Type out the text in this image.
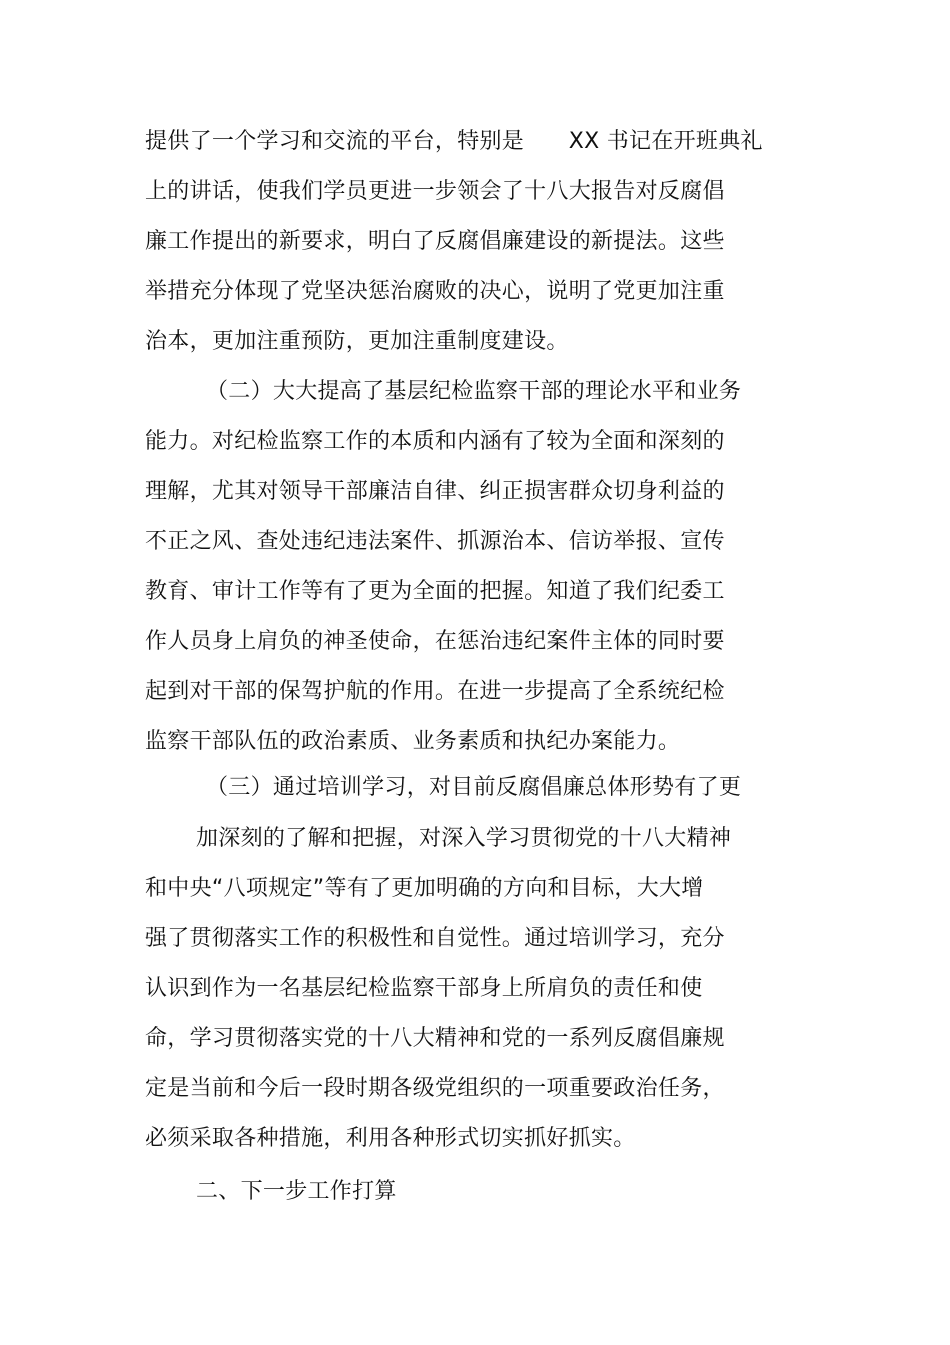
提供了一个学习和交流的平台，特别是　　XX 书记在开班典礼
上的讲话，使我们学员更进一步领会了十八大报告对反腐倡
廉工作提出的新要求，明白了反腐倡廉建设的新提法。这些
举措充分体现了党坚决惩治腐败的决心，说明了党更加注重
治本，更加注重预防，更加注重制度建设。
（二）大大提高了基层纪检监察干部的理论水平和业务
能力。对纪检监察工作的本质和内涵有了较为全面和深刻的
理解，尤其对领导干部廉洁自律、纠正损害群众切身利益的
不正之风、查处违纪违法案件、抓源治本、信访举报、宣传
教育、审计工作等有了更为全面的把握。知道了我们纪委工
作人员身上肩负的神圣使命，在惩治违纪案件主体的同时要
起到对干部的保驾护航的作用。在进一步提高了全系统纪检
监察干部队伍的政治素质、业务素质和执纪办案能力。
（三）通过培训学习，对目前反腐倡廉总体形势有了更
加深刻的了解和把握，对深入学习贯彻党的十八大精神
和中央“八项规定”等有了更加明确的方向和目标，大大增
强了贯彻落实工作的积极性和自觉性。通过培训学习，充分
认识到作为一名基层纪检监察干部身上所肩负的责任和使
命，学习贯彻落实党的十八大精神和党的一系列反腐倡廉规
定是当前和今后一段时期各级党组织的一项重要政治任务，
必须采取各种措施，利用各种形式切实抓好抓实。
二、下一步工作打算
